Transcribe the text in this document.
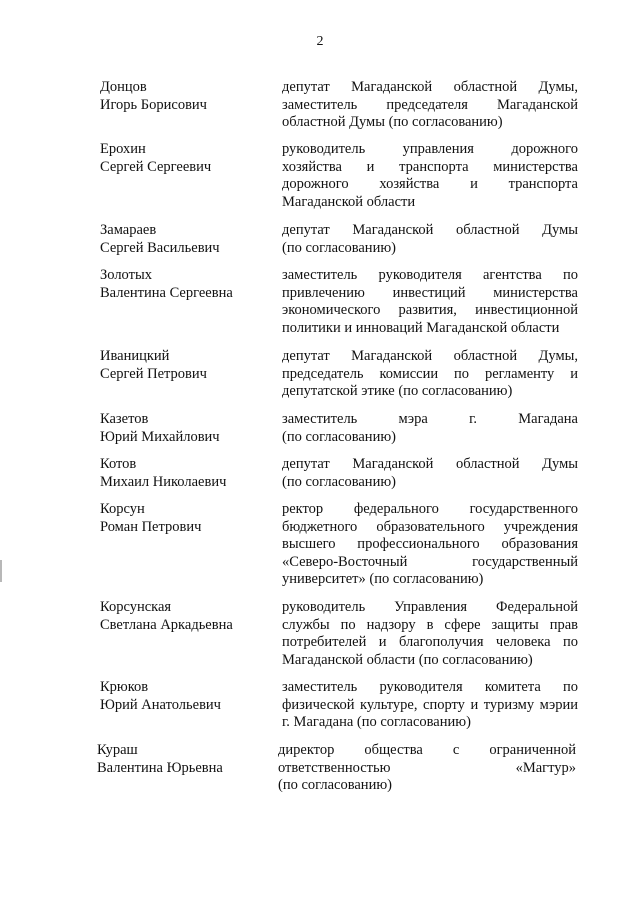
2
Донцов
Игорь Борисович
депутат Магаданской областной Думы,
заместитель председателя Магаданской
областной Думы (по согласованию)
Ерохин
Сергей Сергеевич
руководитель управления дорожного
хозяйства и транспорта министерства
дорожного хозяйства и транспорта
Магаданской области
Замараев
Сергей Васильевич
депутат Магаданской областной Думы
(по согласованию)
Золотых
Валентина Сергеевна
заместитель руководителя агентства по
привлечению инвестиций министерства
экономического развития, инвестиционной
политики и инноваций Магаданской области
Иваницкий
Сергей Петрович
депутат Магаданской областной Думы,
председатель комиссии по регламенту и
депутатской этике (по согласованию)
Казетов
Юрий Михайлович
заместитель мэра г. Магадана
(по согласованию)
Котов
Михаил Николаевич
депутат Магаданской областной Думы
(по согласованию)
Корсун
Роман Петрович
ректор федерального государственного
бюджетного образовательного учреждения
высшего профессионального образования
«Северо-Восточный государственный
университет» (по согласованию)
Корсунская
Светлана Аркадьевна
руководитель Управления Федеральной
службы по надзору в сфере защиты прав
потребителей и благополучия человека по
Магаданской области (по согласованию)
Крюков
Юрий Анатольевич
заместитель руководителя комитета по
физической культуре, спорту и туризму мэрии
г. Магадана (по согласованию)
Кураш
Валентина Юрьевна
директор общества с ограниченной
ответственностью «Магтур»
(по согласованию)
